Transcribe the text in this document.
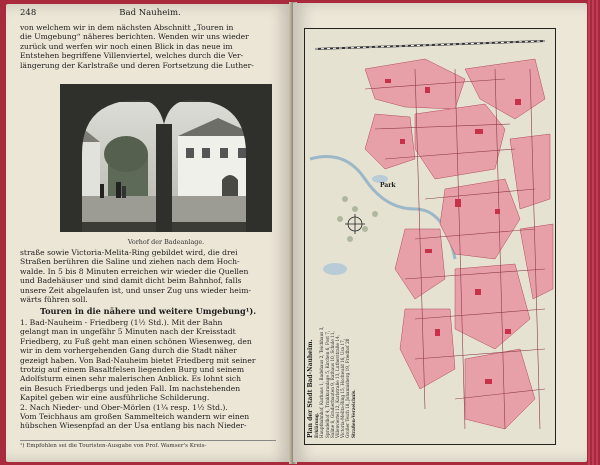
248	Bad Nauheim.

von welchem wir in dem nächsten Abschnitt „Touren in

die Umgebung“ näheres berichten. Wenden wir uns wieder

zurück und werfen wir noch einen Blick in das neue im

Entstehen begriffene Villenviertel, welches durch die Ver-

längerung der Karlstraße und deren Fortsetzung die Luther-

Vorhof der Badeanlage.

straße sowie Victoria-Melita-Ring gebildet wird, die drei

Straßen berühren die Saline und ziehen nach dem Hoch-

walde. In 5 bis 8 Minuten erreichen wir wieder die Quellen

und Badehäuser und sind damit dicht beim Bahnhof, falls

unsere Zeit abgelaufen ist, und unser Zug uns wieder heim-

wärts führen soll.

Touren in die nähere und weitere Umgebung¹).

1. Bad-Nauheim - Friedberg (1½ Std.). Mit der Bahn

gelangt man in ungefähr 5 Minuten nach der Kreisstadt

Friedberg, zu Fuß geht man einen schönen Wiesenweg, den

wir in dem vorhergehenden Gang durch die Stadt näher

gezeigt haben. Von Bad-Nauheim bietet Friedberg mit seiner

trotzig auf einem Basaltfelsen liegenden Burg und seinem

Adolfsturm einen sehr malerischen Anblick. Es lohnt sich

ein Besuch Friedbergs und jeden Fall. Im nachstehenden

Kapitel geben wir eine ausführliche Schilderung.

2. Nach Nieder- und Ober-Mörlen (1¼ resp. 1½ Std.).

Vom Teichhaus am großen Sammelteich wandern wir einen

hübschen Wiesenpfad an der Usa entlang bis nach Nieder-

¹) Empfohlen sei die Touristen-Ausgabe von Prof. Wamser's Kreis-
Park
Plan der Stadt Bad-Nauheim. Erklärung. Hauptbahnhof, Kurhaus 1, Badehaus 2, Teichhaus 3, Sprudelhof 4, Trinkkuranlage 5, Kirchen 6, Post 7, Saline 8, Gradierbauten 9, Rathaus 10, Schule 11, Villenviertel 12, Karlstraße 13, Lutherstraße 14, Victoria-Melita-Ring 15, Hochwald 16, Usa 17, Großer Teich 18, Johannisberg 19, Friedhof 20 Straßen-Verzeichnis.
